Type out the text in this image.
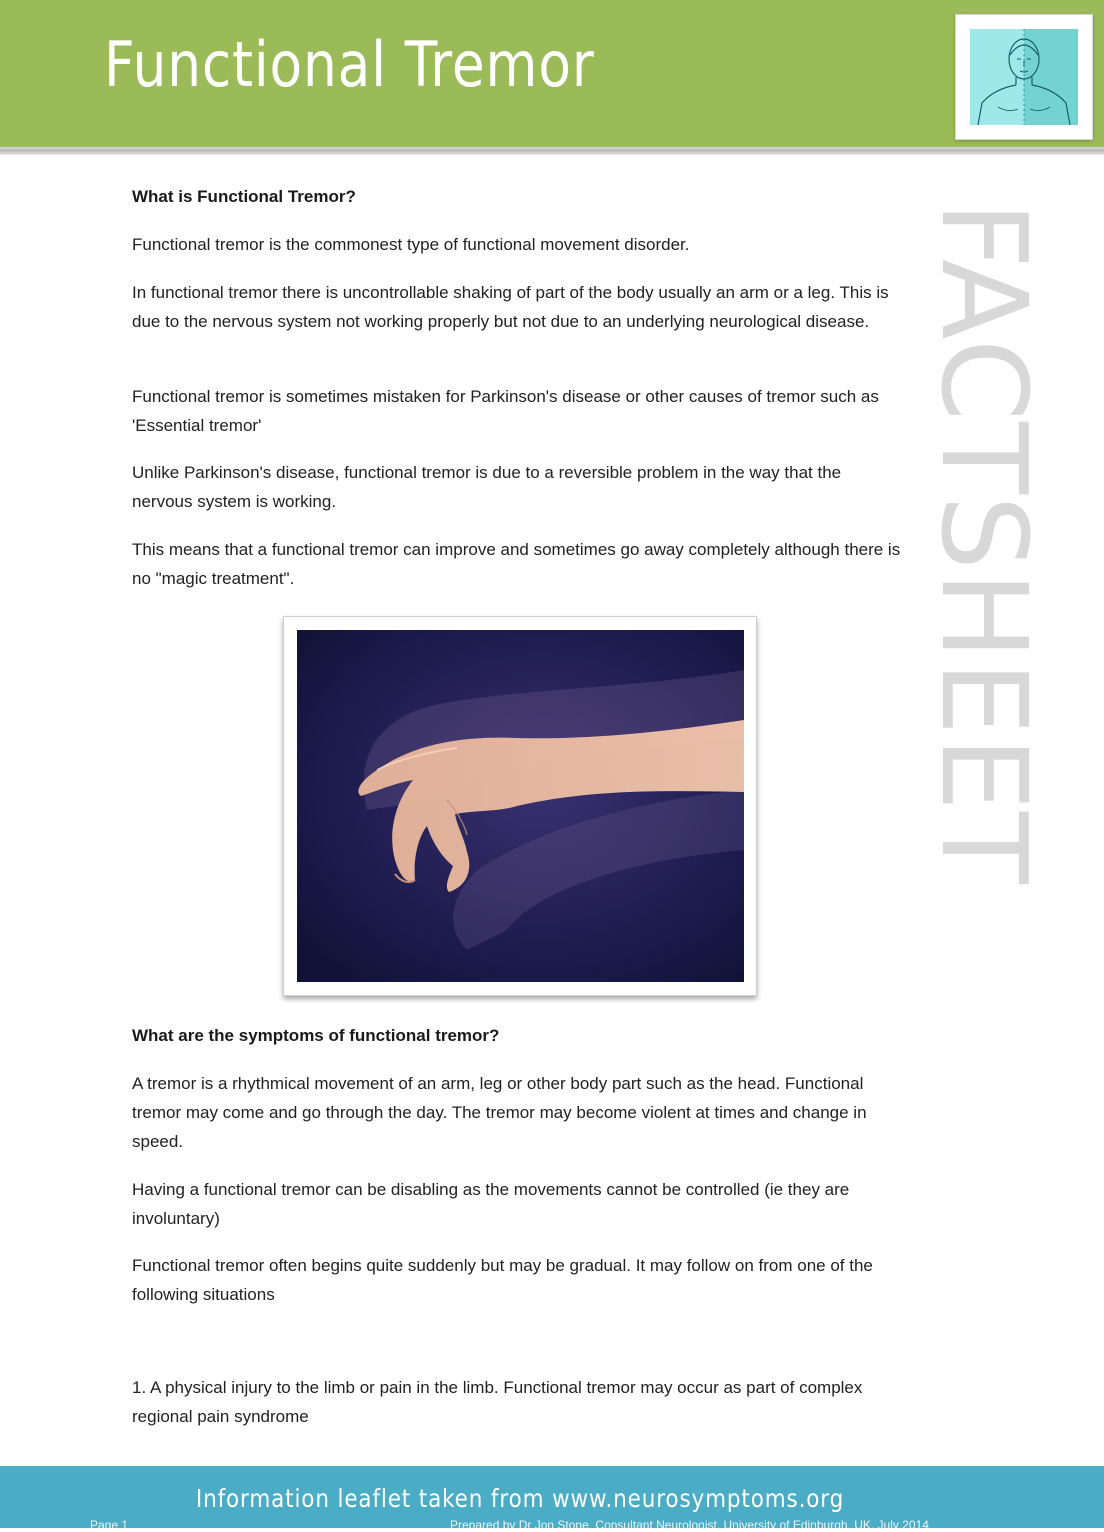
Functional Tremor
FACTSHEET
What is Functional Tremor?
Functional tremor is the commonest type of functional movement disorder.
In functional tremor there is uncontrollable shaking of part of the body usually an arm or a leg. This is due to the nervous system not working properly but not due to an underlying neurological disease.
Functional tremor is sometimes mistaken for Parkinson's disease or other causes of tremor such as 'Essential tremor'
Unlike Parkinson's disease, functional tremor is due to a reversible problem in the way that the nervous system is working.
This means that a functional tremor can improve and sometimes go away completely although there is no "magic treatment".
What are the symptoms of functional tremor?
A tremor is a rhythmical movement of an arm, leg or other body part such as the head. Functional tremor may come and go through the day. The tremor may become violent at times and change in speed.
Having a functional tremor can be disabling as the movements cannot be controlled (ie they are involuntary)
Functional tremor often begins quite suddenly but may be gradual. It may follow on from one of the following situations
1. A physical injury to the limb or pain in the limb. Functional tremor may occur as part of complex regional pain syndrome
Information leaflet taken from www.neurosymptoms.org
Page 1	Prepared by Dr Jon Stone, Consultant Neurologist, University of Edinburgh, UK, July 2014
